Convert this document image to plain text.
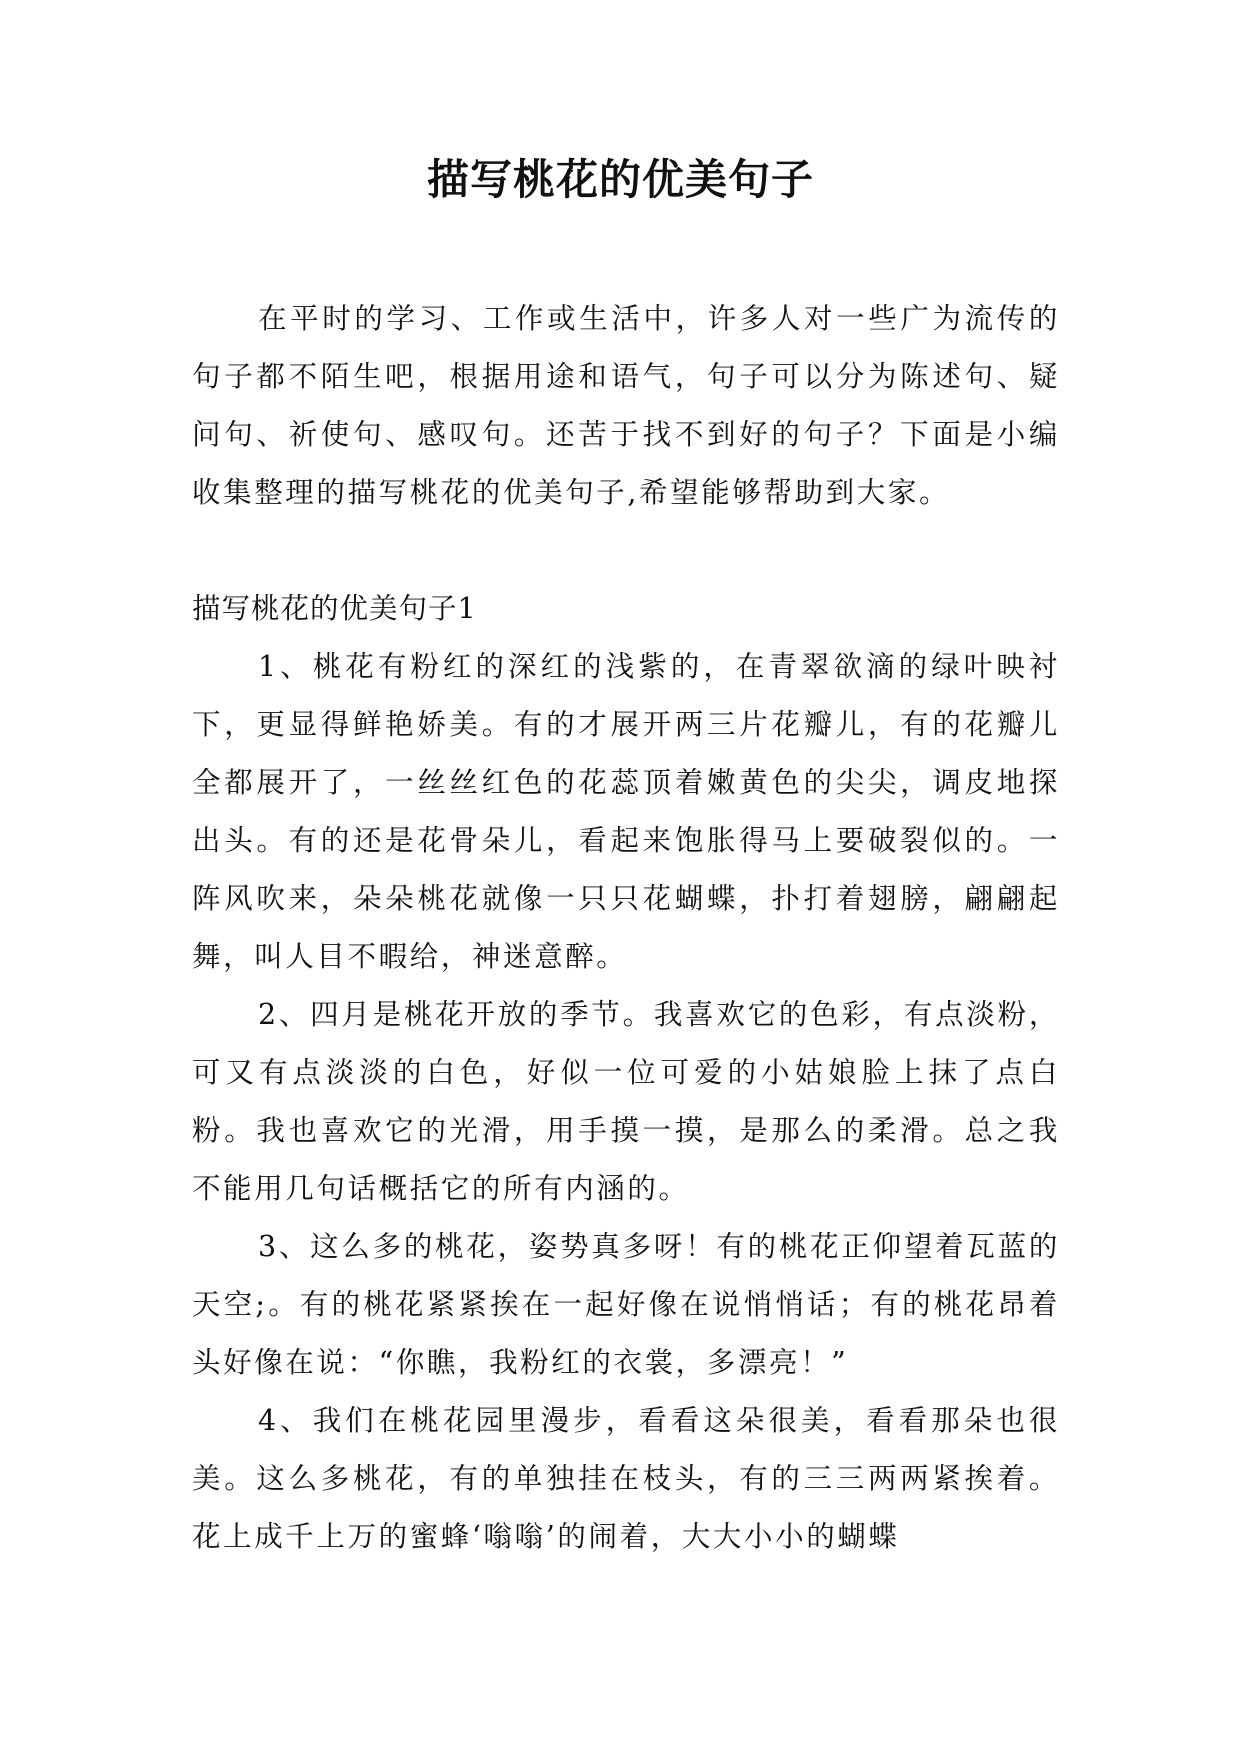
描写桃花的优美句子

在平时的学习、工作或生活中，许多人对一些广为流传的句子都不陌生吧，根据用途和语气，句子可以分为陈述句、疑问句、祈使句、感叹句。还苦于找不到好的句子？下面是小编收集整理的描写桃花的优美句子,希望能够帮助到大家。

描写桃花的优美句子1

1、桃花有粉红的深红的浅紫的，在青翠欲滴的绿叶映衬下，更显得鲜艳娇美。有的才展开两三片花瓣儿，有的花瓣儿全都展开了，一丝丝红色的花蕊顶着嫩黄色的尖尖，调皮地探出头。有的还是花骨朵儿，看起来饱胀得马上要破裂似的。一阵风吹来，朵朵桃花就像一只只花蝴蝶，扑打着翅膀，翩翩起舞，叫人目不暇给，神迷意醉。

2、四月是桃花开放的季节。我喜欢它的色彩，有点淡粉，可又有点淡淡的白色，好似一位可爱的小姑娘脸上抹了点白粉。我也喜欢它的光滑，用手摸一摸，是那么的柔滑。总之我不能用几句话概括它的所有内涵的。

3、这么多的桃花，姿势真多呀！有的桃花正仰望着瓦蓝的天空;。有的桃花紧紧挨在一起好像在说悄悄话；有的桃花昂着头好像在说：“你瞧，我粉红的衣裳，多漂亮！”

4、我们在桃花园里漫步，看看这朵很美，看看那朵也很美。这么多桃花，有的单独挂在枝头，有的三三两两紧挨着。花上成千上万的蜜蜂‘嗡嗡’的闹着，大大小小的蝴蝶
